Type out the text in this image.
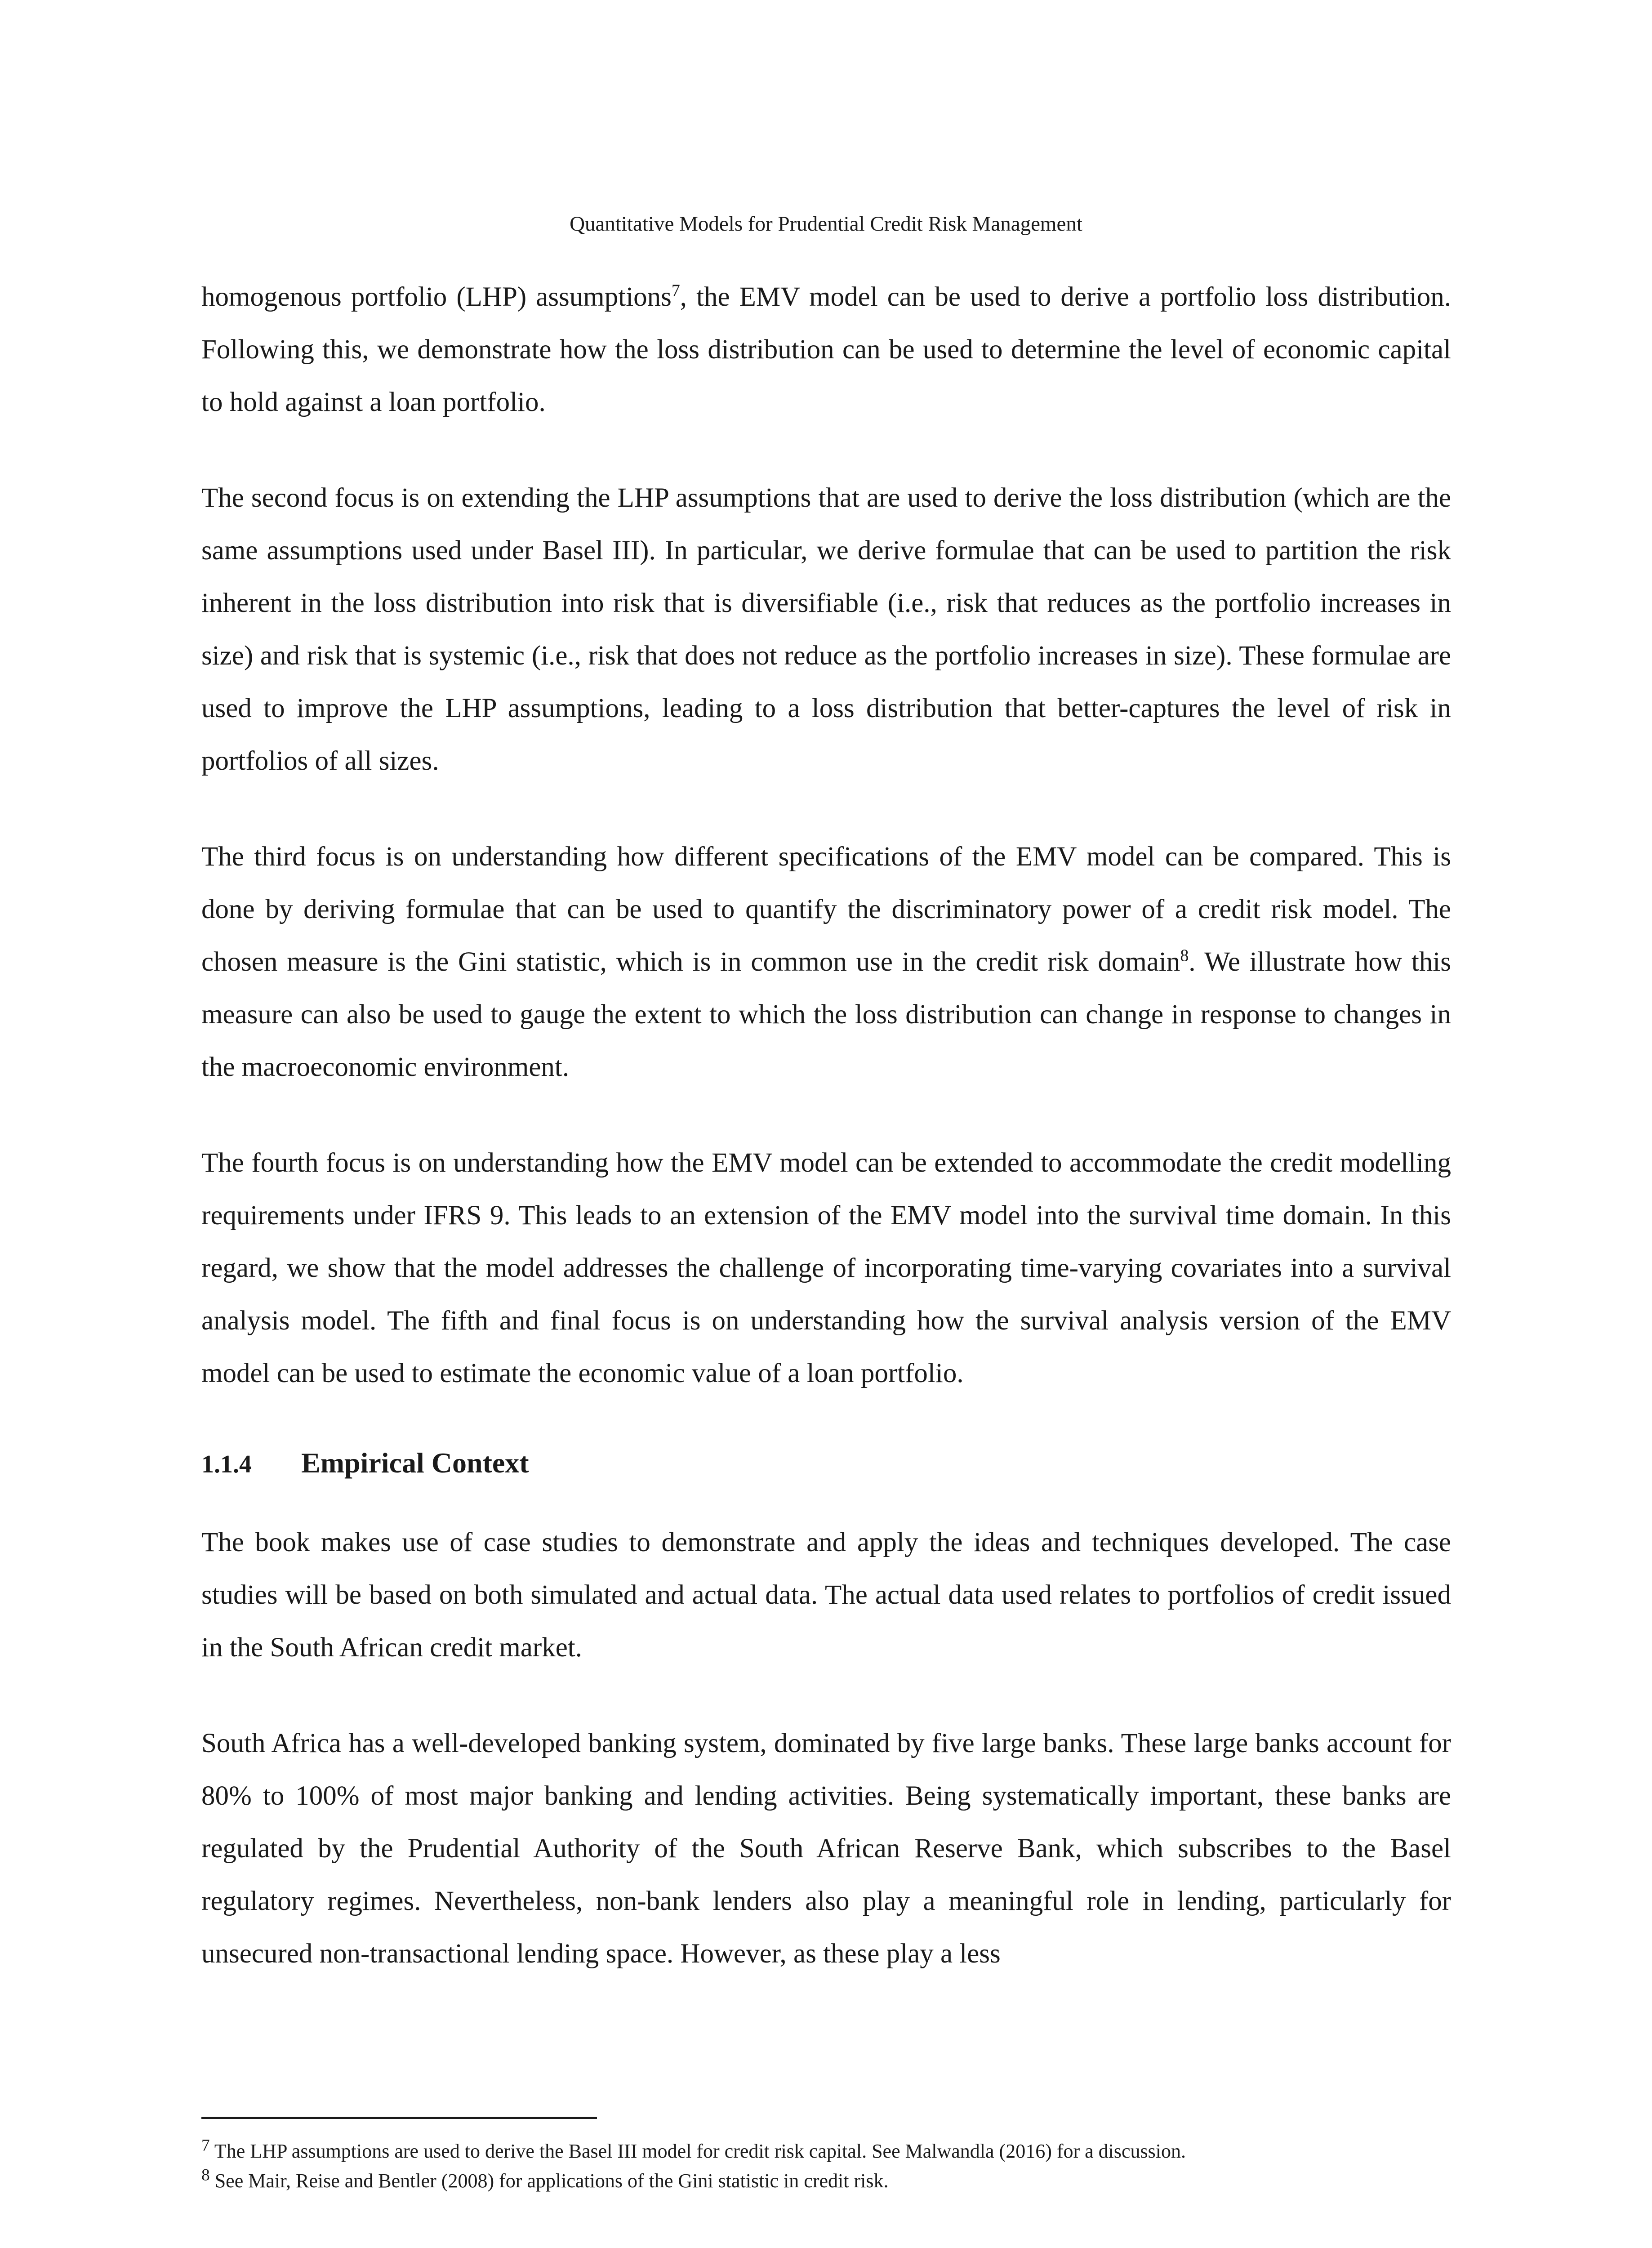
Quantitative Models for Prudential Credit Risk Management

homogenous portfolio (LHP) assumptions$^7$, the EMV model can be used to derive a portfolio loss distribution. Following this, we demonstrate how the loss distribution can be used to determine the level of economic capital to hold against a loan portfolio.

The second focus is on extending the LHP assumptions that are used to derive the loss distribution (which are the same assumptions used under Basel III). In particular, we derive formulae that can be used to partition the risk inherent in the loss distribution into risk that is diversifiable (i.e., risk that reduces as the portfolio increases in size) and risk that is systemic (i.e., risk that does not reduce as the portfolio increases in size). These formulae are used to improve the LHP assumptions, leading to a loss distribution that better-captures the level of risk in portfolios of all sizes.

The third focus is on understanding how different specifications of the EMV model can be compared. This is done by deriving formulae that can be used to quantify the discriminatory power of a credit risk model. The chosen measure is the Gini statistic, which is in common use in the credit risk domain$^8$. We illustrate how this measure can also be used to gauge the extent to which the loss distribution can change in response to changes in the macroeconomic environment.

The fourth focus is on understanding how the EMV model can be extended to accommodate the credit modelling requirements under IFRS 9. This leads to an extension of the EMV model into the survival time domain. In this regard, we show that the model addresses the challenge of incorporating time-varying covariates into a survival analysis model. The fifth and final focus is on understanding how the survival analysis version of the EMV model can be used to estimate the economic value of a loan portfolio.

1.1.4 Empirical Context

The book makes use of case studies to demonstrate and apply the ideas and techniques developed. The case studies will be based on both simulated and actual data. The actual data used relates to portfolios of credit issued in the South African credit market.

South Africa has a well-developed banking system, dominated by five large banks. These large banks account for 80% to 100% of most major banking and lending activities. Being systematically important, these banks are regulated by the Prudential Authority of the South African Reserve Bank, which subscribes to the Basel regulatory regimes. Nevertheless, non-bank lenders also play a meaningful role in lending, particularly for unsecured non-transactional lending space. However, as these play a less

$^7$ The LHP assumptions are used to derive the Basel III model for credit risk capital. See Malwandla (2016) for a discussion.

$^8$ See Mair, Reise and Bentler (2008) for applications of the Gini statistic in credit risk.
